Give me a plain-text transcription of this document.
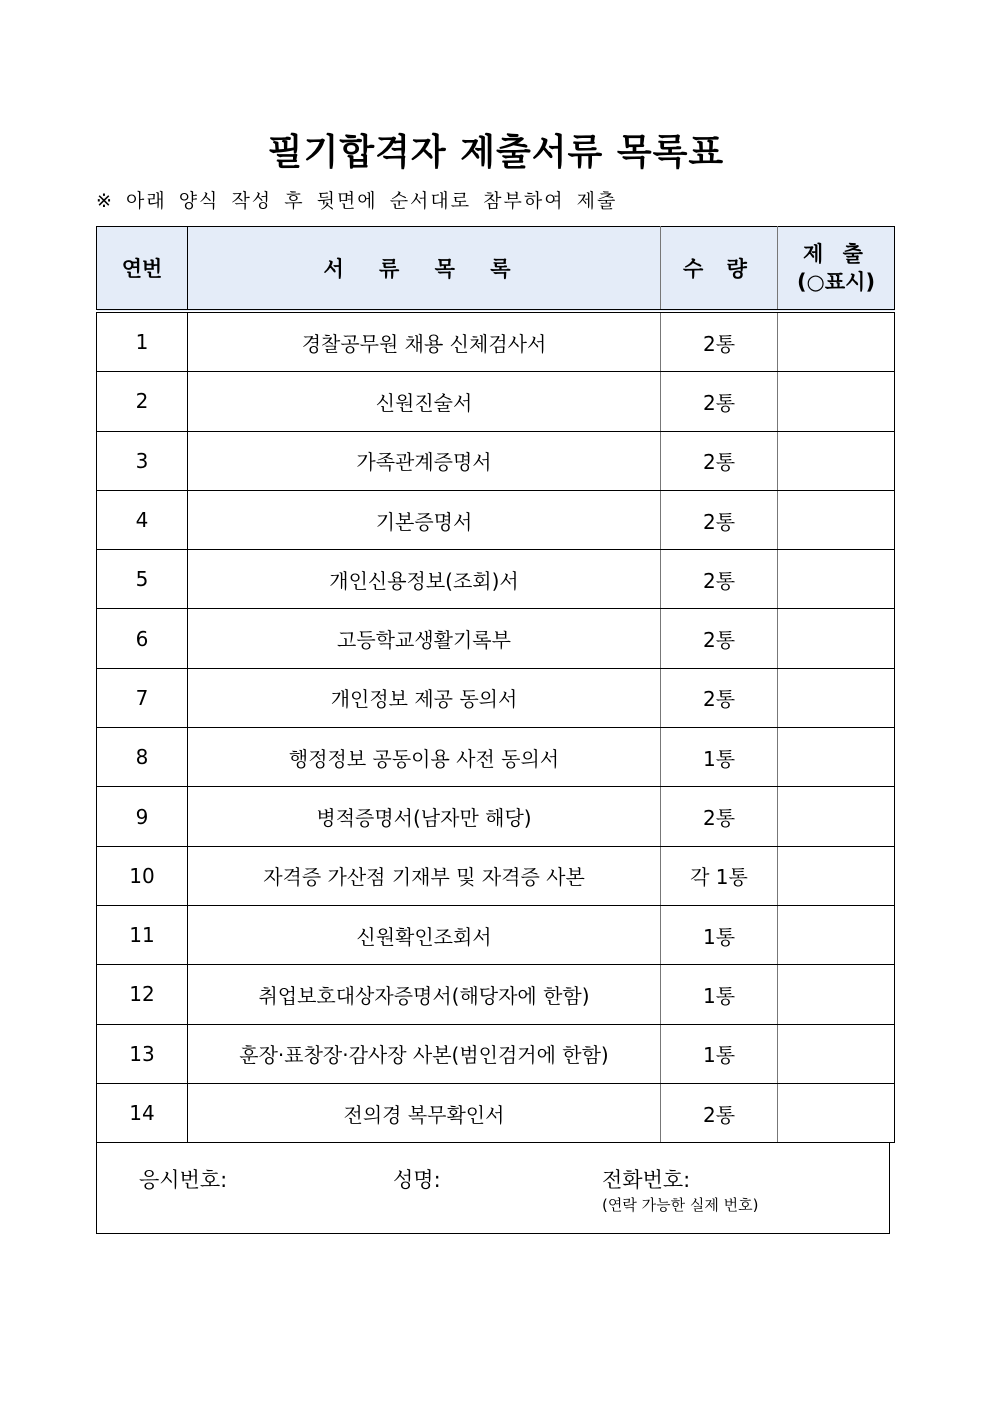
필기합격자 제출서류 목록표
※ 아래 양식 작성 후 뒷면에 순서대로 참부하여 제출
연번	서 류 목 록	수 량	제 출
(○표시)

1	경찰공무원 채용 신체검사서	2통	
2	신원진술서	2통	
3	가족관계증명서	2통	
4	기본증명서	2통	
5	개인신용정보(조회)서	2통	
6	고등학교생활기록부	2통	
7	개인정보 제공 동의서	2통	
8	행정정보 공동이용 사전 동의서	1통	
9	병적증명서(남자만 해당)	2통	
10	자격증 가산점 기재부 및 자격증 사본	각 1통	
11	신원확인조회서	1통	
12	취업보호대상자증명서(해당자에 한함)	1통	
13	훈장·표창장·감사장 사본(범인검거에 한함)	1통	
14	전의경 복무확인서	2통	
응시번호:	성명:	전화번호:
(연락 가능한 실제 번호)
